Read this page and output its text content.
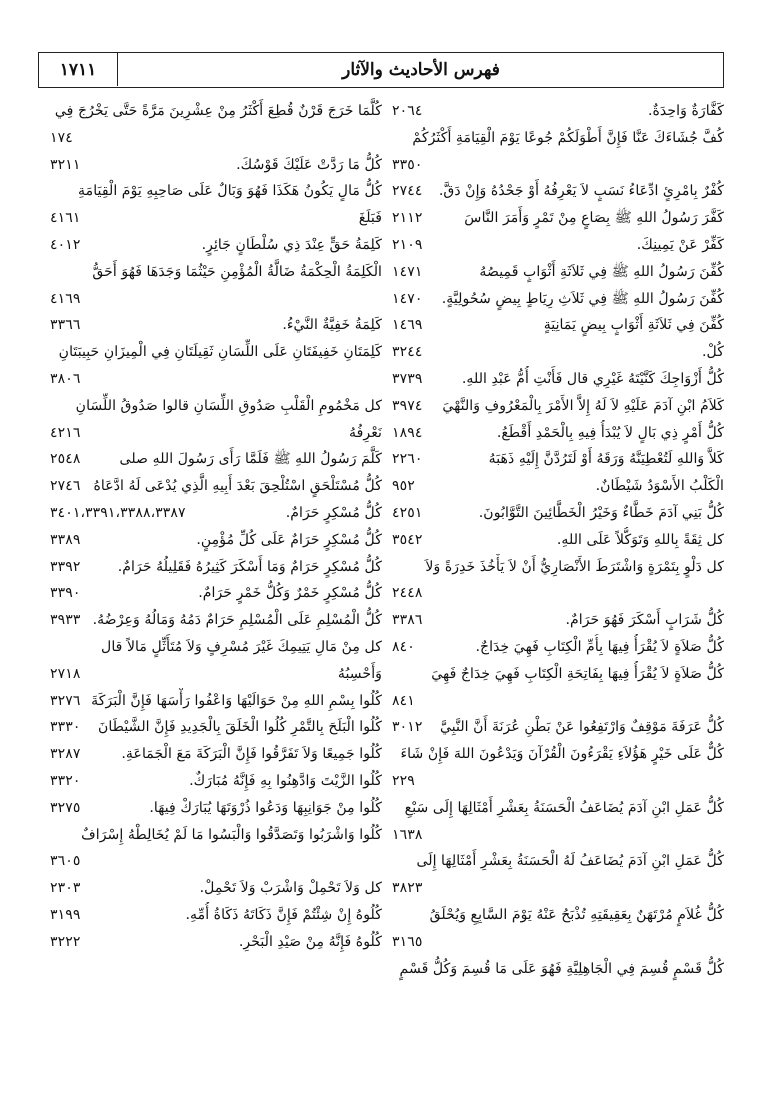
١٧١١	فهرس الأحاديث والآثار
كَفَّارَةٌ وَاحِدَةٌ.
٢٠٦٤
كُفَّ جُشَاءَكَ عَنَّا فَإِنَّ أَطْوَلَكُمْ جُوعًا يَوْمَ الْقِيَامَةِ أَكْثَرُكُمْ
٣٣٥٠
كُفْرٌ بِامْرِئٍ ادِّعَاءُ نَسَبٍ لاَ يَعْرِفُهُ أَوْ جَحْدُهُ وَإِنْ دَقَّ.
٢٧٤٤
كَفَّرَ رَسُولُ اللهِ ﷺ بِصَاعٍ مِنْ تَمْرٍ وَأَمَرَ النَّاسَ
٢١١٢
كَفِّرْ عَنْ يَمِينِكَ.
٢١٠٩
كُفِّنَ رَسُولُ اللهِ ﷺ فِي ثَلاَثَةِ أَثْوَابٍ قَمِيصُهُ
١٤٧١
كُفِّنَ رَسُولُ اللهِ ﷺ فِي ثَلاَثِ رِيَاطٍ بِيضٍ سُحُولِيَّةٍ.
١٤٧٠
كُفِّنَ فِي ثَلاَثَةِ أَثْوَابٍ بِيضٍ يَمَانِيَةٍ
١٤٦٩
كُلْ.
٣٢٤٤
كُلُّ أَزْوَاجِكَ كَنَّيْتَهُ غَيْرِي قال فَأَنْتِ أُمُّ عَبْدِ اللهِ.
٣٧٣٩
كَلاَمُ ابْنِ آدَمَ عَلَيْهِ لاَ لَهُ إِلاَّ الأَمْرَ بِالْمَعْرُوفِ وَالنَّهْيَ
٣٩٧٤
كُلُّ أَمْرٍ ذِي بَالٍ لاَ يُبْدَأُ فِيهِ بِالْحَمْدِ أَقْطَعُ.
١٨٩٤
كَلاَّ وَاللهِ لَتُعْطِيَنَّهُ وَرَقَهُ أَوْ لَتَرُدَّنَّ إِلَيْهِ ذَهَبَهُ
٢٢٦٠
الْكَلْبُ الأَسْوَدُ شَيْطَانٌ.
٩٥٢
كُلُّ بَنِي آدَمَ خَطَّاءٌ وَخَيْرُ الْخَطَّائِينَ التَّوَّابُونَ.
٤٢٥١
كل ثِقَةً بِاللهِ وَتَوَكُّلاً عَلَى اللهِ.
٣٥٤٢
كل دَلْوٍ بِتَمْرَةٍ وَاشْتَرَطَ الأَنْصَارِيُّ أَنْ لاَ يَأْخُذَ خَدِرَةً وَلاَ
٢٤٤٨
كُلُّ شَرَابٍ أَسْكَرَ فَهُوَ حَرَامٌ.
٣٣٨٦
كُلُّ صَلاَةٍ لاَ يُقْرَأُ فِيهَا بِأُمِّ الْكِتَابِ فَهِيَ خِدَاجٌ.
٨٤٠
كُلُّ صَلاَةٍ لاَ يُقْرَأُ فِيهَا بِفَاتِحَةِ الْكِتَابِ فَهِيَ خِدَاجٌ فَهِيَ
٨٤١
كُلُّ عَرَفَةَ مَوْقِفٌ وَارْتَفِعُوا عَنْ بَطْنِ عُرَنَةَ أَنَّ النَّبِيَّ
٣٠١٢
كُلٌّ عَلَى خَيْرٍ هَؤُلاَءِ يَقْرَءُونَ الْقُرْآنَ وَيَدْعُونَ اللهَ فَإِنْ شَاءَ
٢٢٩
كُلُّ عَمَلِ ابْنِ آدَمَ يُضَاعَفُ الْحَسَنَةُ بِعَشْرِ أَمْثَالِهَا إِلَى سَبْعِ
١٦٣٨
كُلُّ عَمَلِ ابْنِ آدَمَ يُضَاعَفُ لَهُ الْحَسَنَةُ بِعَشْرِ أَمْثَالِهَا إِلَى
٣٨٢٣
كُلُّ غُلاَمٍ مُرْتَهَنٌ بِعَقِيقَتِهِ تُذْبَحُ عَنْهُ يَوْمَ السَّابِعِ وَيُحْلَقُ
٣١٦٥
كُلُّ قَسْمٍ قُسِمَ فِي الْجَاهِلِيَّةِ فَهُوَ عَلَى مَا قُسِمَ وَكُلُّ قَسْمٍ
كُلَّمَا خَرَجَ قَرْنٌ قُطِعَ أَكْثَرُ مِنْ عِشْرِينَ مَرَّةً حَتَّى يَخْرُجَ فِي
١٧٤
كُلُّ مَا رَدَّتْ عَلَيْكَ قَوْسُكَ.
٣٢١١
كُلُّ مَالٍ يَكُونُ هَكَذَا فَهُوَ وَبَالٌ عَلَى صَاحِبِهِ يَوْمَ الْقِيَامَةِ
فَبَلَغَ
٤١٦١
كَلِمَةُ حَقٍّ عِنْدَ ذِي سُلْطَانٍ جَائِرٍ.
٤٠١٢
الْكَلِمَةُ الْحِكْمَةُ ضَالَّةُ الْمُؤْمِنِ حَيْثُمَا وَجَدَهَا فَهُوَ أَحَقُّ
٤١٦٩
كَلِمَةُ خَفِيَّةٌ النَّيْءُ.
٣٣٦٦
كَلِمَتَانِ خَفِيفَتَانِ عَلَى اللِّسَانِ ثَقِيلَتَانِ فِي الْمِيزَانِ حَبِيبَتَانِ
٣٨٠٦
كل مَخْمُومِ الْقَلْبِ صَدُوقِ اللِّسَانِ قالوا صَدُوقُ اللِّسَانِ
نَعْرِفُهُ
٤٢١٦
كَلَّمَ رَسُولُ اللهِ ﷺ فَلَمَّا رَأَى رَسُولَ اللهِ صلى
٢٥٤٨
كُلُّ مُسْتَلْحَقٍ اسْتُلْحِقَ بَعْدَ أَبِيهِ الَّذِي يُدْعَى لَهُ ادَّعَاهُ
٢٧٤٦
كُلُّ مُسْكِرٍ حَرَامٌ.
٣٤٠١،٣٣٩١،٣٣٨٨،٣٣٨٧
كُلُّ مُسْكِرٍ حَرَامٌ عَلَى كُلِّ مُؤْمِنٍ.
٣٣٨٩
كُلُّ مُسْكِرٍ حَرَامٌ وَمَا أَسْكَرَ كَثِيرُهُ فَقَلِيلُهُ حَرَامٌ.
٣٣٩٢
كُلُّ مُسْكِرٍ خَمْرٌ وَكُلُّ خَمْرٍ حَرَامٌ.
٣٣٩٠
كُلُّ الْمُسْلِمِ عَلَى الْمُسْلِمِ حَرَامٌ دَمُهُ وَمَالُهُ وَعِرْضُهُ.
٣٩٣٣
كل مِنْ مَالِ يَتِيمِكَ غَيْرَ مُسْرِفٍ وَلاَ مُتَأَثِّلٍ مَالاً قال
وَأَحْسِبُهُ
٢٧١٨
كُلُوا بِسْمِ اللهِ مِنْ حَوَالَيْهَا وَاعْفُوا رَأْسَهَا فَإِنَّ الْبَرَكَةَ
٣٢٧٦
كُلُوا الْبَلَحَ بِالتَّمْرِ كُلُوا الْخَلَقَ بِالْجَدِيدِ فَإِنَّ الشَّيْطَانَ
٣٣٣٠
كُلُوا جَمِيعًا وَلاَ تَفَرَّقُوا فَإِنَّ الْبَرَكَةَ مَعَ الْجَمَاعَةِ.
٣٢٨٧
كُلُوا الزَّيْتَ وَادَّهِنُوا بِهِ فَإِنَّهُ مُبَارَكٌ.
٣٣٢٠
كُلُوا مِنْ جَوَانِبِهَا وَدَعُوا ذُرْوَتَهَا يُبَارَكْ فِيهَا.
٣٢٧٥
كُلُوا وَاشْرَبُوا وَتَصَدَّقُوا وَالْبَسُوا مَا لَمْ يُخَالِطْهُ إِسْرَافٌ
٣٦٠٥
كل وَلاَ تَحْمِلْ وَاشْرَبْ وَلاَ تَحْمِلْ.
٢٣٠٣
كُلُوهُ إِنْ شِئْتُمْ فَإِنَّ ذَكَاتَهُ ذَكَاةُ أُمِّهِ.
٣١٩٩
كُلُوهُ فَإِنَّهُ مِنْ صَيْدِ الْبَحْرِ.
٣٢٢٢
